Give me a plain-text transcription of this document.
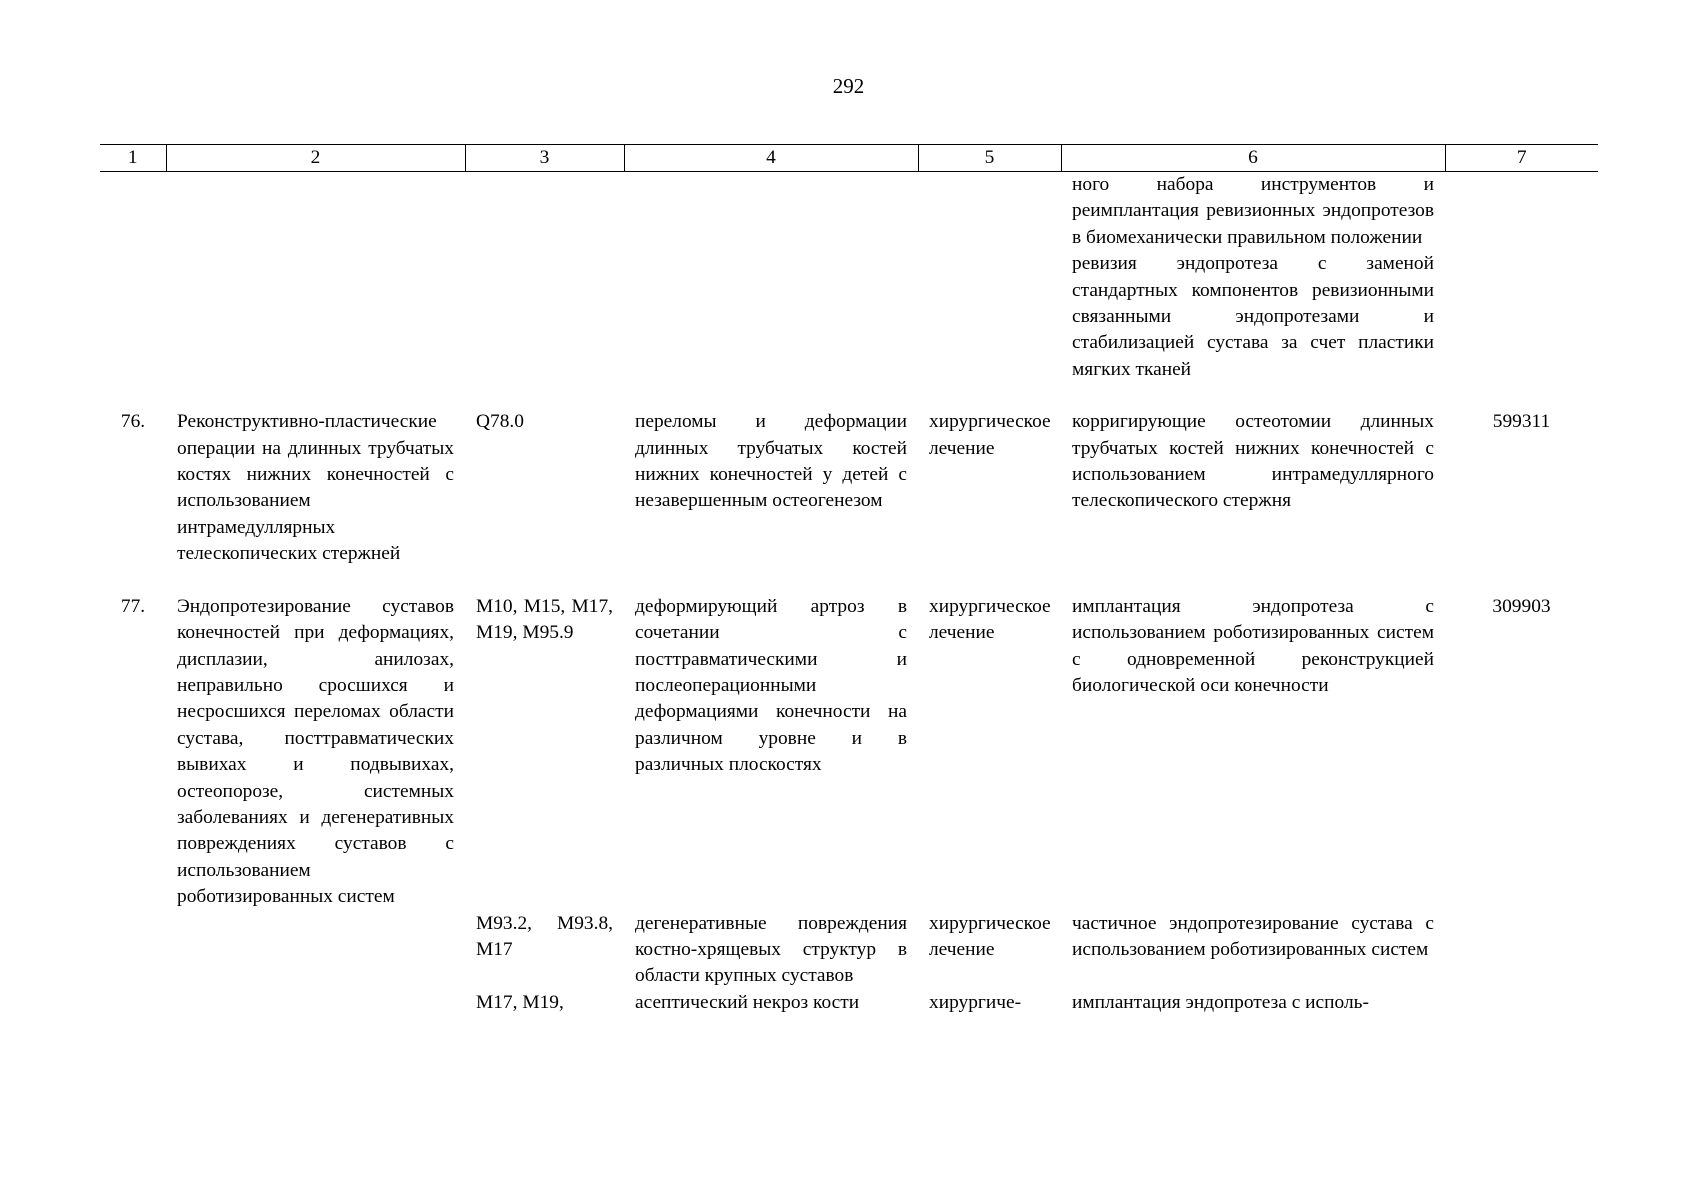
292
1	2	3	4	5	6	7

					ного набора инструментов и реимплантация ревизионных эндопротезов в биомеханически правильном положении
ревизия эндопротеза с заменой стандартных компонентов ревизионными связанными эндопротезами и стабилизацией сустава за счет пластики мягких тканей	

76.	Реконструктивно-пластические операции на длинных трубчатых костях нижних конечностей с использованием интрамедуллярных телескопических стержней	Q78.0	переломы и деформации длинных трубчатых костей нижних конечностей у детей с незавершенным остеогенезом	хирургическое лечение	корригирующие остеотомии длинных трубчатых костей нижних конечностей с использованием интрамедуллярного телескопического стержня	599311

77.	Эндопротезирование суставов конечностей при деформациях, дисплазии, анилозах, неправильно сросшихся и несросшихся переломах области сустава, посттравматических вывихах и подвывихах, остеопорозе, системных заболеваниях и дегенеративных повреждениях суставов с использованием роботизированных систем	M10, M15, M17, M19, M95.9	деформирующий артроз в сочетании с посттравматическими и послеоперационными деформациями конечности на различном уровне и в различных плоскостях	хирургическое лечение	имплантация эндопротеза с использованием роботизированных систем с одновременной реконструкцией биологической оси конечности	309903
		M93.2, M93.8, M17	дегенеративные повреждения костно-хрящевых структур в области крупных суставов	хирургическое лечение	частичное эндопротезирование сустава с использованием роботизированных систем	
		M17, M19,	асептический некроз кости	хирургиче-	имплантация эндопротеза с исполь-	
